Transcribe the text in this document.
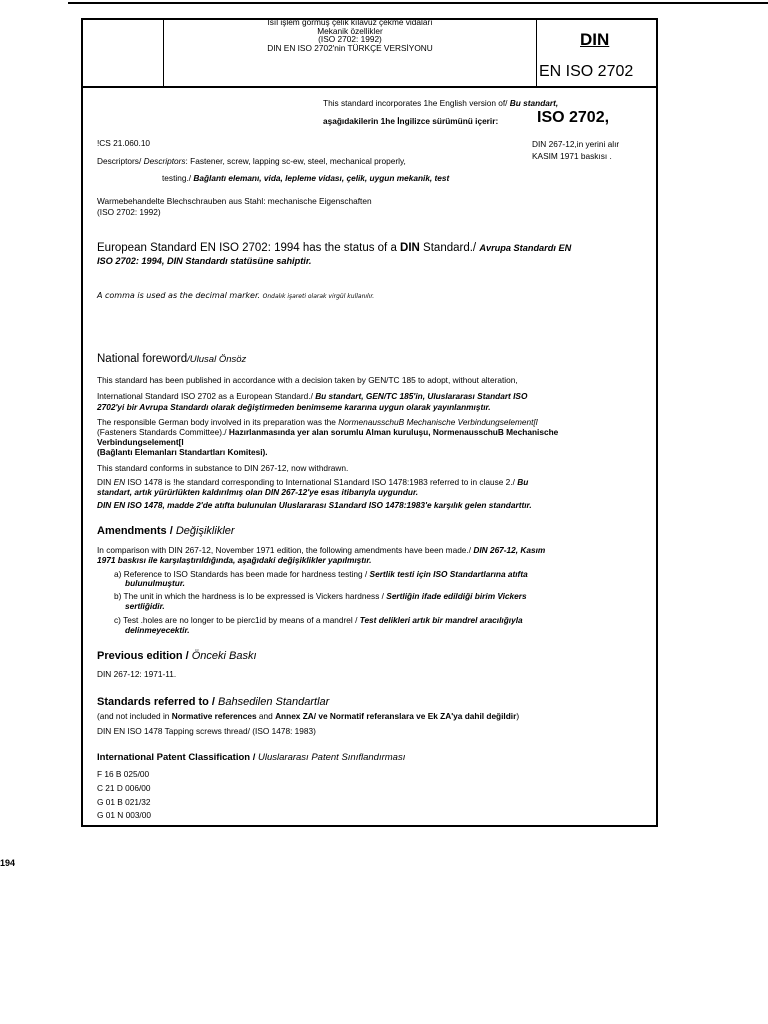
Isıl işlem görmüş çelik kılavuz çekme vidaları
Mekanik özellikler
(ISO 2702: 1992)
DIN EN ISO 2702'nin TÜRKÇE VERSİYONU	DIN
EN ISO 2702
This standard incorporates 1he English version of/ Bu standart,
aşağıdakilerin 1he İngilizce sürümünü içerir: ISO 2702,
!CS 21.060.10	DIN 267-12,in yerini alır
KASIM 1971 baskısı .
Descriptors/ Descriptors: Fastener, screw, lapping sc-ew, steel, mechanical properly,
testing./ Bağlantı elemanı, vida, lepleme vidası, çelik, uygun mekanik, test
Warmebehandelte Blechschrauben aus Stahl: mechanische Eigenschaften
(ISO 2702: 1992)
European Standard EN ISO 2702: 1994 has the status of a DIN Standard./ Avrupa Standardı EN
ISO 2702: 1994, DIN Standardı statüsüne sahiptir.
A comma is used as the decimal marker. Ondalık işareti olarak virgül kullanılır.
National foreword/Ulusal Önsöz
This standard has been published in accordance with a decision taken by GEN/TC 185 to adopt, without alteration,
International Standard ISO 2702 as a European Standard./ Bu standart, GEN/TC 185'in, Uluslararası Standart ISO
2702'yi bir Avrupa Standardı olarak değiştirmeden benimseme kararına uygun olarak yayınlanmıştır.
The responsible German body involved in its preparation was the NormenausschuB Mechanische Verbindungselement[l
(Fasteners Standards Committee)./ Hazırlanmasında yer alan sorumlu Alman kuruluşu, NormenausschuB Mechanische
Verbindungselement[l
(Bağlantı Elemanları Standartları Komitesi).
This standard conforms in substance to DIN 267-12, now withdrawn.
DIN EN ISO 1478 is !he standard corresponding to International S1andard ISO 1478:1983 referred to in clause 2./ Bu
standart, artık yürürlükten kaldırılmış olan DIN 267-12'ye esas itibarıyla uygundur.
DIN EN ISO 1478, madde 2'de atıfta bulunulan Uluslararası S1andard ISO 1478:1983'e karşılık gelen standarttır.
Amendments / Değişiklikler
In comparison with DIN 267-12, November 1971 edition, the following amendments have been made./ DIN 267-12, Kasım
1971 baskısı ile karşılaştırıldığında, aşağıdaki değişiklikler yapılmıştır.
a) Reference to ISO Standards has been made for hardness testing / Sertlik testi için ISO Standartlarına atıfta
bulunulmuştur.
b) The unit in which the hardness is lo be expressed is Vickers hardness / Sertliğin ifade edildiği birim Vickers
sertliğidir.
c) Test .holes are no longer to be pierc1id by means of a mandrel / Test delikleri artık bir mandrel aracılığıyla
delinmeyecektir.
Previous edition / Önceki Baskı
DIN 267-12: 1971-11.
Standards referred to / Bahsedilen Standartlar
(and not included in Normative references and Annex ZA/ ve Normatif referanslara ve Ek ZA'ya dahil değildir)
DIN EN ISO 1478 Tapping screws thread/ (ISO 1478: 1983)
International Patent Classification / Uluslararası Patent Sınıflandırması
F 16 B 025/00
C 21 D 006/00
G 01 B 021/32
G 01 N 003/00
194
